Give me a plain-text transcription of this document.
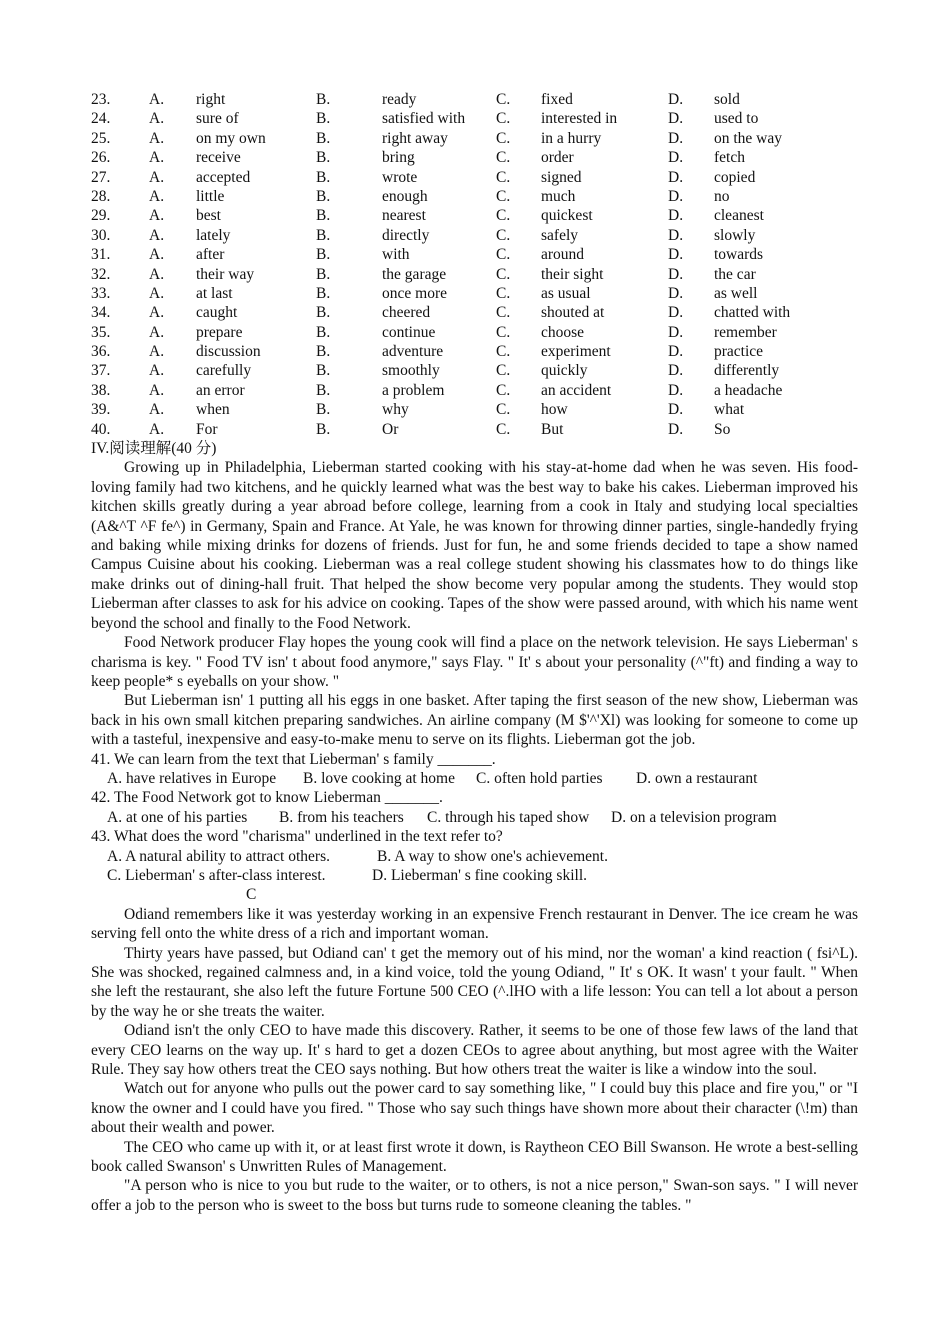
23. A. right	B.	ready	C. fixed	D. sold
24. A. sure of	B.	satisfied with C. interested in	D. used to
25. A. on my own	B.	right away	C. in a hurry	D. on the way
26. A. receive	B.	bring	C. order	D. fetch
27. A. accepted	B.	wrote	C. signed	D. copied
28. A. little	B.	enough	C. much	D. no
29. A. best	B.	nearest	C. quickest	D. cleanest
30. A. lately	B.	directly	C. safely	D. slowly
31. A. after	B.	with	C. around	D. towards
32. A. their way	B.	the garage	C. their sight	D. the car
33. A. at last	B.	once more	C. as usual	D. as well
34. A. caught	B.	cheered	C. shouted at	D. chatted with
35. A. prepare	B.	continue	C. choose	D. remember
36. A. discussion	B.	adventure	C. experiment	D. practice
37. A. carefully	B.	smoothly	C. quickly	D. differently
38. A. an error	B.	a problem	C. an accident	D. a headache
39. A. when	B.	why	C. how	D. what
40. A. For	B.	Or	C. But	D. So
IV.阅读理解(40 分)

Growing up in Philadelphia, Lieberman started cooking with his stay-at-home dad when he was seven. His food-loving family had two kitchens, and he quickly learned what was the best way to bake his cakes. Lieberman improved his kitchen skills greatly during a year abroad before college, learning from a cook in Italy and studying local specialties (A&^T ^F fe^) in Germany, Spain and France. At Yale, he was known for throwing dinner parties, single-handedly frying and baking while mixing drinks for dozens of friends. Just for fun, he and some friends decided to tape a show named Campus Cuisine about his cooking. Lieberman was a real college student showing his classmates how to do things like make drinks out of dining-hall fruit. That helped the show become very popular among the students. They would stop Lieberman after classes to ask for his advice on cooking. Tapes of the show were passed around, with which his name went beyond the school and finally to the Food Network.

Food Network producer Flay hopes the young cook will find a place on the network television. He says Lieberman' s charisma is key. " Food TV isn' t about food anymore," says Flay. " It' s about your personality (^"ft) and finding a way to keep people* s eyeballs on your show. "

But Lieberman isn' 1 putting all his eggs in one basket. After taping the first season of the new show, Lieberman was back in his own small kitchen preparing sandwiches. An airline company (M $'^'Xl) was looking for someone to come up with a tasteful, inexpensive and easy-to-make menu to serve on its flights. Lieberman got the job.

41. We can learn from the text that Lieberman' s family _______.

A. have relatives in Europe B. love cooking at home C. often hold parties D. own a restaurant

42. The Food Network got to know Lieberman _______.

A. at one of his parties B. from his teachers C. through his taped show D. on a television program

43. What does the word "charisma" underlined in the text refer to?

A. A natural ability to attract others.	B. A way to show one's achievement.

C. Lieberman' s after-class interest.	D. Lieberman' s fine cooking skill.

C

Odiand remembers like it was yesterday working in an expensive French restaurant in Denver. The ice cream he was serving fell onto the white dress of a rich and important woman.

Thirty years have passed, but Odiand can' t get the memory out of his mind, nor the woman' a kind reaction ( fsi^L). She was shocked, regained calmness and, in a kind voice, told the young Odiand, " It' s OK. It wasn' t your fault. " When she left the restaurant, she also left the future Fortune 500 CEO (^.lHO with a life lesson: You can tell a lot about a person by the way he or she treats the waiter.

Odiand isn't the only CEO to have made this discovery. Rather, it seems to be one of those few laws of the land that every CEO learns on the way up. It' s hard to get a dozen CEOs to agree about anything, but most agree with the Waiter Rule. They say how others treat the CEO says nothing. But how others treat the waiter is like a window into the soul.

Watch out for anyone who pulls out the power card to say something like, " I could buy this place and fire you," or "I know the owner and I could have you fired. " Those who say such things have shown more about their character (\!m) than about their wealth and power.

The CEO who came up with it, or at least first wrote it down, is Raytheon CEO Bill Swanson. He wrote a best-selling book called Swanson' s Unwritten Rules of Management.

"A person who is nice to you but rude to the waiter, or to others, is not a nice person," Swan-son says. " I will never offer a job to the person who is sweet to the boss but turns rude to someone cleaning the tables. "
